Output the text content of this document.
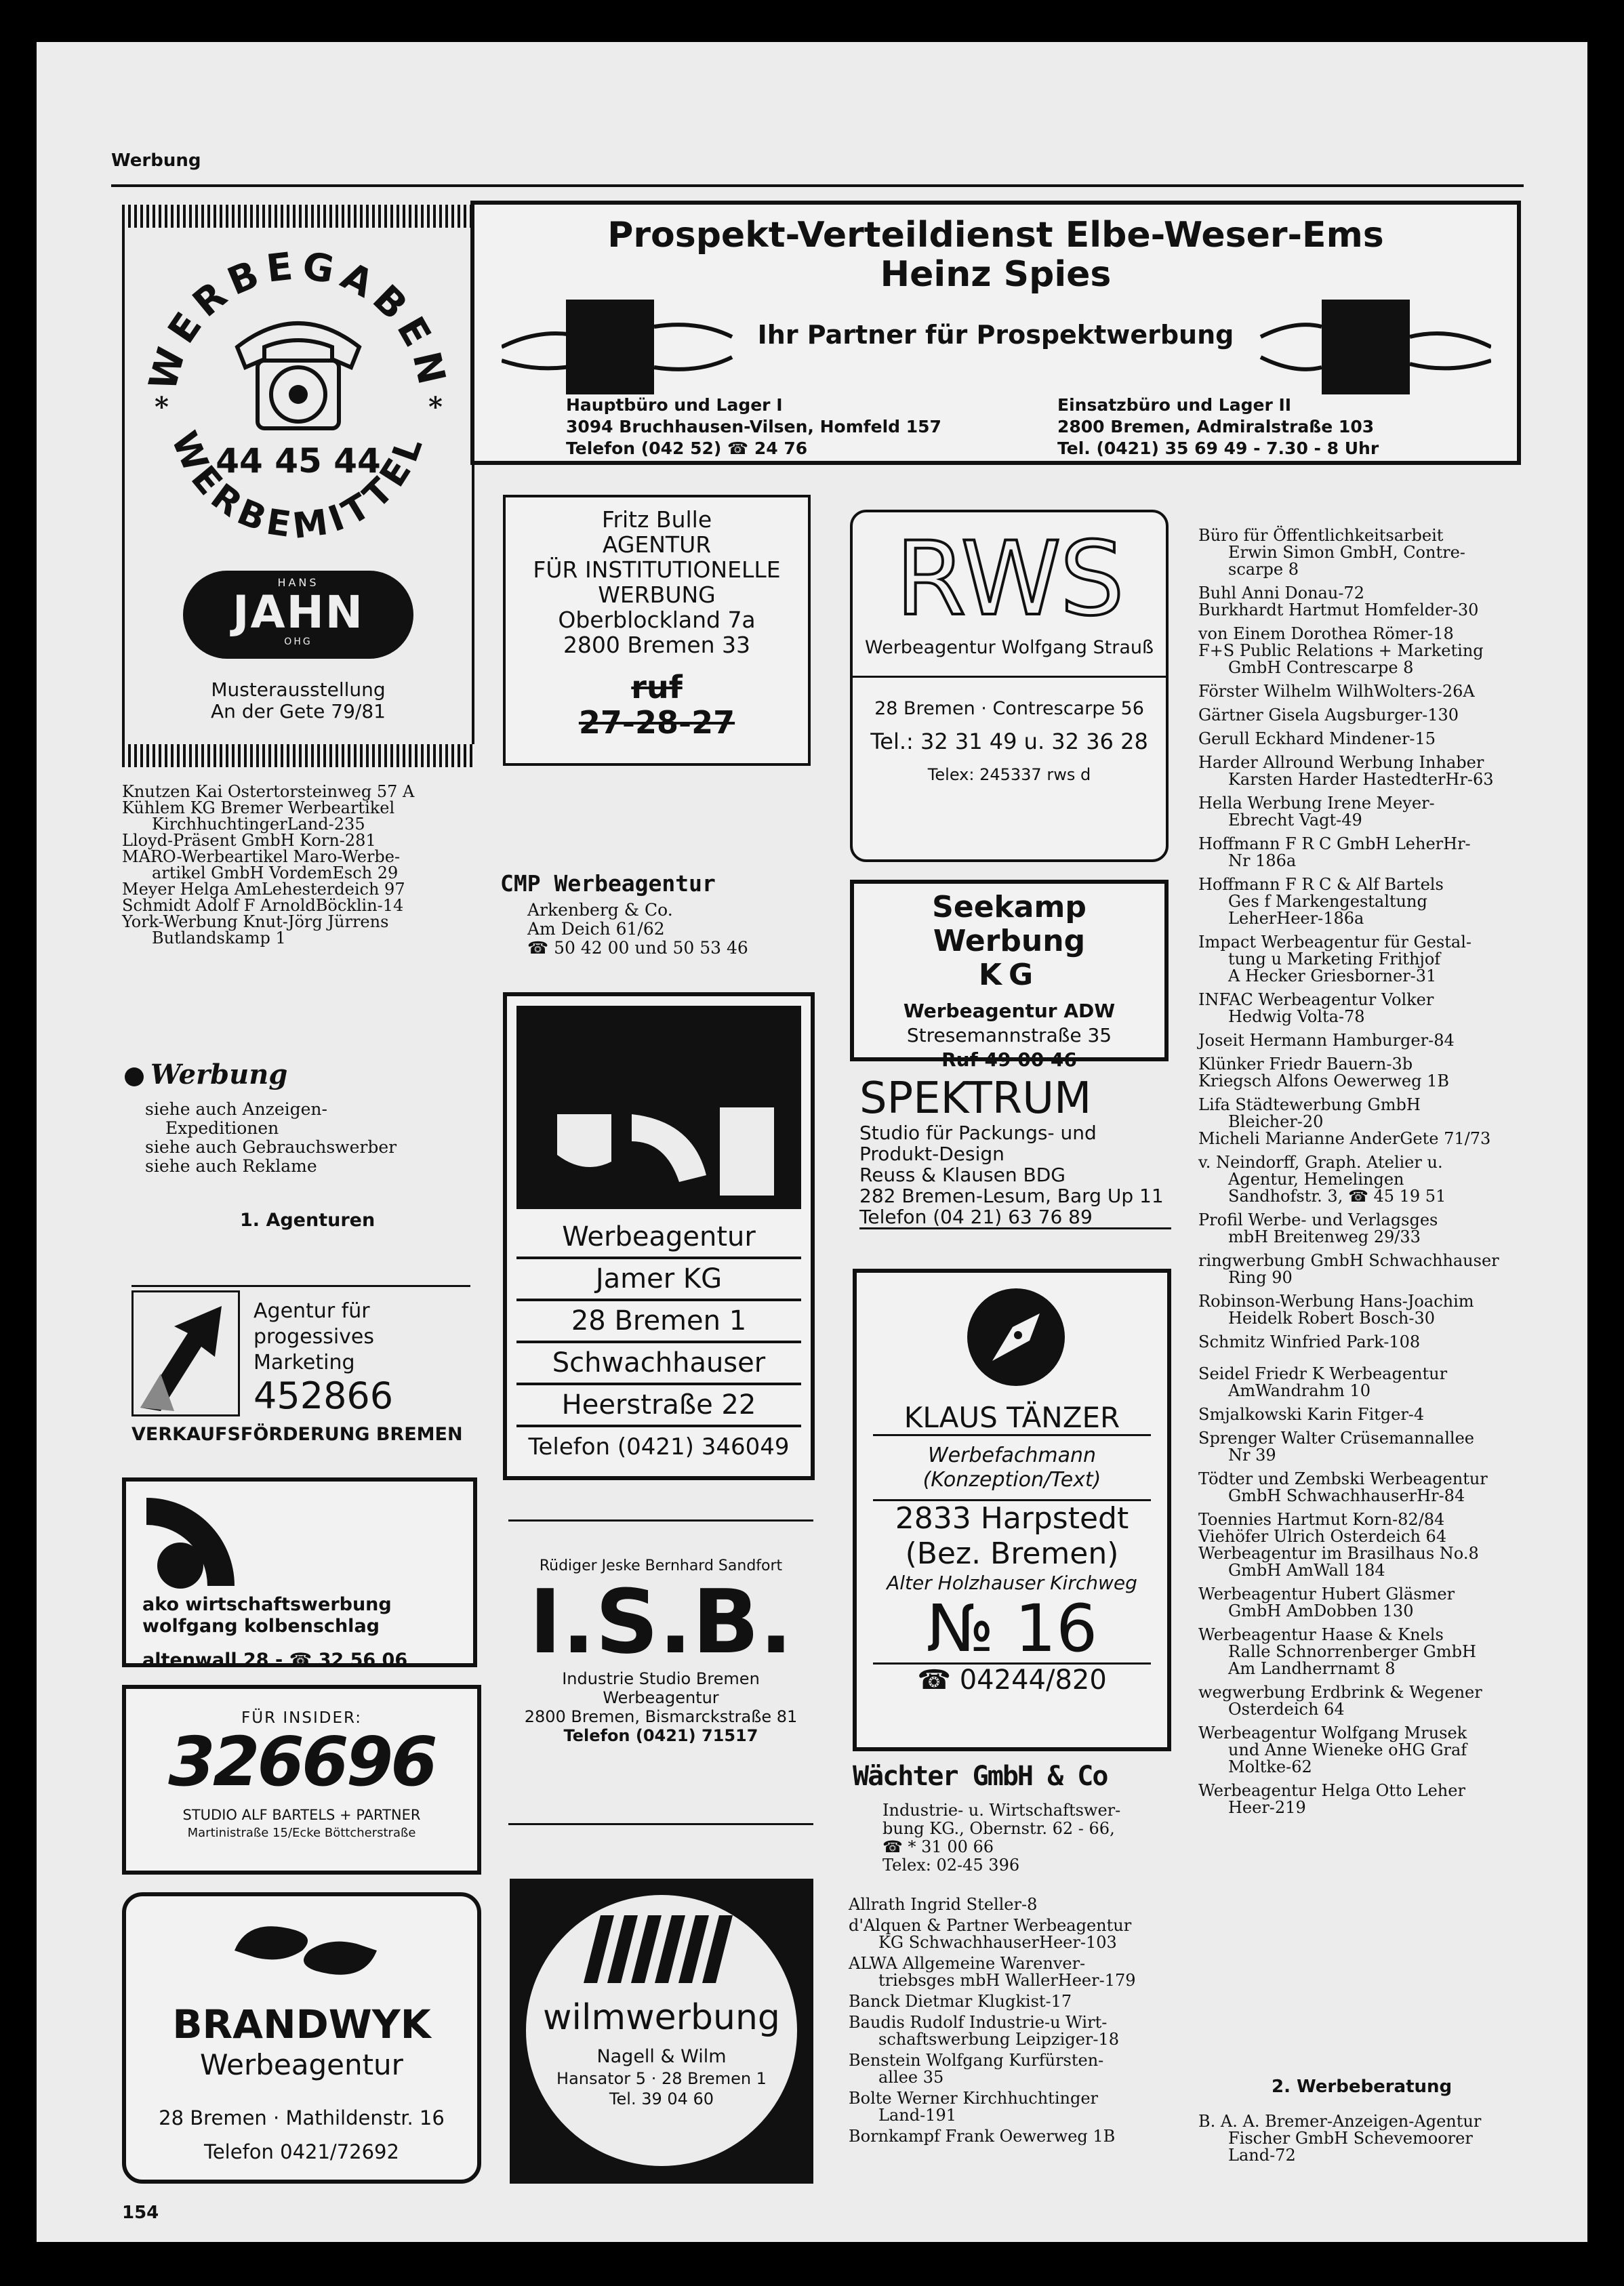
Werbung
WERBEGABEN
WERBEMITTEL
*	*
44 45 44
HANS
JAHN
OHG
Musterausstellung
An der Gete 79/81
Prospekt-Verteildienst Elbe-Weser-Ems
Heinz Spies
Ihr Partner für Prospektwerbung
Hauptbüro und Lager I
3094 Bruchhausen-Vilsen, Homfeld 157
Telefon (042 52) ☎ 24 76
Einsatzbüro und Lager II
2800 Bremen, Admiralstraße 103
Tel. (0421) 35 69 49 - 7.30 - 8 Uhr
Knutzen Kai Ostertorsteinweg 57 A
Kühlem KG Bremer Werbeartikel
KirchhuchtingerLand-235
Lloyd-Präsent GmbH Korn-281
MARO-Werbeartikel Maro-Werbe-
artikel GmbH VordemEsch 29
Meyer Helga AmLehesterdeich 97
Schmidt Adolf F ArnoldBöcklin-14
York-Werbung Knut-Jörg Jürrens
Butlandskamp 1
Werbung
siehe auch Anzeigen-
Expeditionen
siehe auch Gebrauchswerber
siehe auch Reklame
1. Agenturen
Agentur für
progessives
Marketing
452866
VERKAUFSFÖRDERUNG BREMEN
ako wirtschaftswerbung
wolfgang kolbenschlag
altenwall 28 - ☎ 32 56 06
FÜR INSIDER:
326696
STUDIO ALF BARTELS + PARTNER
Martinistraße 15/Ecke Böttcherstraße
BRANDWYK
Werbeagentur
28 Bremen · Mathildenstr. 16
Telefon 0421/72692
154
Fritz Bulle
AGENTUR
FÜR INSTITUTIONELLE
WERBUNG
Oberblockland 7a
2800 Bremen 33
ruf
27-28-27
CMP Werbeagentur
Arkenberg & Co.
Am Deich 61/62
☎ 50 42 00 und 50 53 46
Werbeagentur
Jamer KG
28 Bremen 1
Schwachhauser
Heerstraße 22
Telefon (0421) 346049
Rüdiger Jeske Bernhard Sandfort
I.S.B.
Industrie Studio Bremen
Werbeagentur
2800 Bremen, Bismarckstraße 81
Telefon (0421) 71517
wilmwerbung
Nagell & Wilm
Hansator 5 · 28 Bremen 1
Tel. 39 04 60
RWS
Werbeagentur Wolfgang Strauß
28 Bremen · Contrescarpe 56
Tel.: 32 31 49 u. 32 36 28
Telex: 245337 rws d
Seekamp Werbung
KG
Werbeagentur ADW
Stresemannstraße 35
Ruf 49 00 46
SPEKTRUM
Studio für Packungs- und
Produkt-Design
Reuss & Klausen BDG
282 Bremen-Lesum, Barg Up 11
Telefon (04 21) 63 76 89
KLAUS TÄNZER
Werbefachmann
(Konzeption/Text)
2833 Harpstedt
(Bez. Bremen)
Alter Holzhauser Kirchweg
№ 16
☎ 04244/820
Wächter GmbH & Co
Industrie- u. Wirtschaftswer-
bung KG., Obernstr. 62 - 66,
☎ * 31 00 66
Telex: 02-45 396
Allrath Ingrid Steller-8
d'Alquen & Partner Werbeagentur
KG SchwachhauserHeer-103
ALWA Allgemeine Warenver-
triebsges mbH WallerHeer-179
Banck Dietmar Klugkist-17
Baudis Rudolf Industrie-u Wirt-
schaftswerbung Leipziger-18
Benstein Wolfgang Kurfürsten-
allee 35
Bolte Werner Kirchhuchtinger
Land-191
Bornkampf Frank Oewerweg 1B
Büro für Öffentlichkeitsarbeit
Erwin Simon GmbH, Contre-
scarpe 8
Buhl Anni Donau-72
Burkhardt Hartmut Homfelder-30
von Einem Dorothea Römer-18
F+S Public Relations + Marketing
GmbH Contrescarpe 8
Förster Wilhelm WilhWolters-26A
Gärtner Gisela Augsburger-130
Gerull Eckhard Mindener-15
Harder Allround Werbung Inhaber
Karsten Harder HastedterHr-63
Hella Werbung Irene Meyer-
Ebrecht Vagt-49
Hoffmann F R C GmbH LeherHr-
Nr 186a
Hoffmann F R C & Alf Bartels
Ges f Markengestaltung
LeherHeer-186a
Impact Werbeagentur für Gestal-
tung u Marketing Frithjof
A Hecker Griesborner-31
INFAC Werbeagentur Volker
Hedwig Volta-78
Joseit Hermann Hamburger-84
Klünker Friedr Bauern-3b
Kriegsch Alfons Oewerweg 1B
Lifa Städtewerbung GmbH
Bleicher-20
Micheli Marianne AnderGete 71/73
v. Neindorff, Graph. Atelier u.
Agentur, Hemelingen
Sandhofstr. 3, ☎ 45 19 51
Profil Werbe- und Verlagsges
mbH Breitenweg 29/33
ringwerbung GmbH Schwachhauser
Ring 90
Robinson-Werbung Hans-Joachim
Heidelk Robert Bosch-30
Schmitz Winfried Park-108
Seidel Friedr K Werbeagentur
AmWandrahm 10
Smjalkowski Karin Fitger-4
Sprenger Walter Crüsemannallee
Nr 39
Tödter und Zembski Werbeagentur
GmbH SchwachhauserHr-84
Toennies Hartmut Korn-82/84
Viehöfer Ulrich Osterdeich 64
Werbeagentur im Brasilhaus No.8
GmbH AmWall 184
Werbeagentur Hubert Gläsmer
GmbH AmDobben 130
Werbeagentur Haase & Knels
Ralle Schnorrenberger GmbH
Am Landherrnamt 8
wegwerbung Erdbrink & Wegener
Osterdeich 64
Werbeagentur Wolfgang Mrusek
und Anne Wieneke oHG Graf
Moltke-62
Werbeagentur Helga Otto Leher
Heer-219
2. Werbeberatung
B. A. A. Bremer-Anzeigen-Agentur
Fischer GmbH Schevemoorer
Land-72
